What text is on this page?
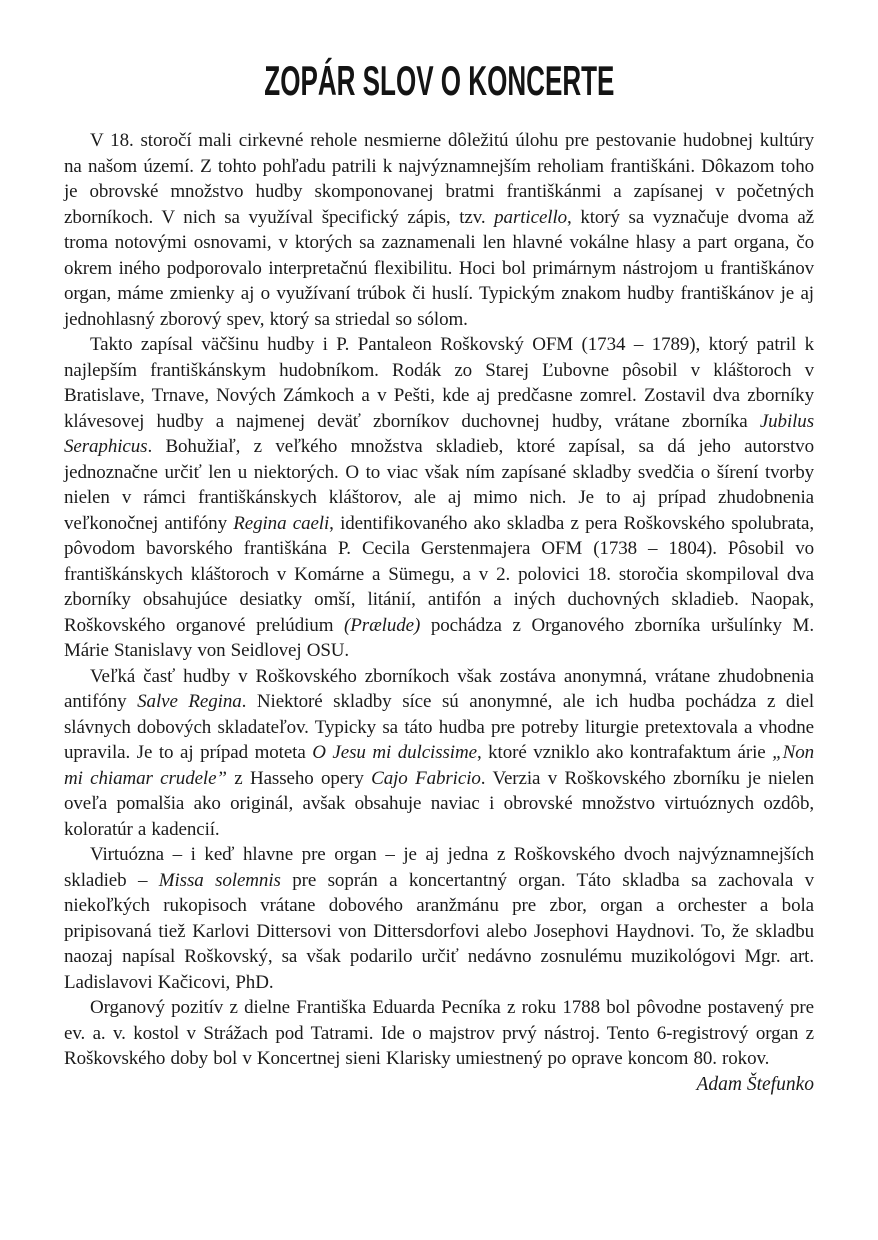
ZOPÁR SLOV O KONCERTE

V 18. storočí mali cirkevné rehole nesmierne dôležitú úlohu pre pestovanie hudobnej kultúry na našom území. Z tohto pohľadu patrili k najvýznamnejším reholiam františkáni. Dôkazom toho je obrovské množstvo hudby skomponovanej bratmi františkánmi a zapísanej v početných zborníkoch. V nich sa využíval špecifický zápis, tzv. particello, ktorý sa vyznačuje dvoma až troma notovými osnovami, v ktorých sa zaznamenali len hlavné vokálne hlasy a part organa, čo okrem iného podporovalo interpretačnú flexibilitu. Hoci bol primárnym nástrojom u františkánov organ, máme zmienky aj o využívaní trúbok či huslí. Typickým znakom hudby františkánov je aj jednohlasný zborový spev, ktorý sa striedal so sólom.

Takto zapísal väčšinu hudby i P. Pantaleon Roškovský OFM (1734 – 1789), ktorý patril k najlepším františkánskym hudobníkom. Rodák zo Starej Ľubovne pôsobil v kláštoroch v Bratislave, Trnave, Nových Zámkoch a v Pešti, kde aj predčasne zomrel. Zostavil dva zborníky klávesovej hudby a najmenej deväť zborníkov duchovnej hudby, vrátane zborníka Jubilus Seraphicus. Bohužiaľ, z veľkého množstva skladieb, ktoré zapísal, sa dá jeho autorstvo jednoznačne určiť len u niektorých. O to viac však ním zapísané skladby svedčia o šírení tvorby nielen v rámci františkánskych kláštorov, ale aj mimo nich. Je to aj prípad zhudobnenia veľkonočnej antifóny Regina caeli, identifikovaného ako skladba z pera Roškovského spolubrata, pôvodom bavorského františkána P. Cecila Gerstenmajera OFM (1738 – 1804). Pôsobil vo františkánskych kláštoroch v Komárne a Sümegu, a v 2. polovici 18. storočia skompiloval dva zborníky obsahujúce desiatky omší, litánií, antifón a iných duchovných skladieb. Naopak, Roškovského organové prelúdium (Prælude) pochádza z Organového zborníka uršulínky M. Márie Stanislavy von Seidlovej OSU.

Veľká časť hudby v Roškovského zborníkoch však zostáva anonymná, vrátane zhudobnenia antifóny Salve Regina. Niektoré skladby síce sú anonymné, ale ich hudba pochádza z diel slávnych dobových skladateľov. Typicky sa táto hudba pre potreby liturgie pretextovala a vhodne upravila. Je to aj prípad moteta O Jesu mi dulcissime, ktoré vzniklo ako kontrafaktum árie „Non mi chiamar crudele” z Hasseho opery Cajo Fabricio. Verzia v Roškovského zborníku je nielen oveľa pomalšia ako originál, avšak obsahuje naviac i obrovské množstvo virtuóznych ozdôb, koloratúr a kadencií.

Virtuózna – i keď hlavne pre organ – je aj jedna z Roškovského dvoch najvýznamnejších skladieb – Missa solemnis pre soprán a koncertantný organ. Táto skladba sa zachovala v niekoľkých rukopisoch vrátane dobového aranžmánu pre zbor, organ a orchester a bola pripisovaná tiež Karlovi Dittersovi von Dittersdorfovi alebo Josephovi Haydnovi. To, že skladbu naozaj napísal Roškovský, sa však podarilo určiť nedávno zosnulému muzikológovi Mgr. art. Ladislavovi Kačicovi, PhD.

Organový pozitív z dielne Františka Eduarda Pecníka z roku 1788 bol pôvodne postavený pre ev. a. v. kostol v Strážach pod Tatrami. Ide o majstrov prvý nástroj. Tento 6-registrový organ z Roškovského doby bol v Koncertnej sieni Klarisky umiestnený po oprave koncom 80. rokov.

Adam Štefunko
